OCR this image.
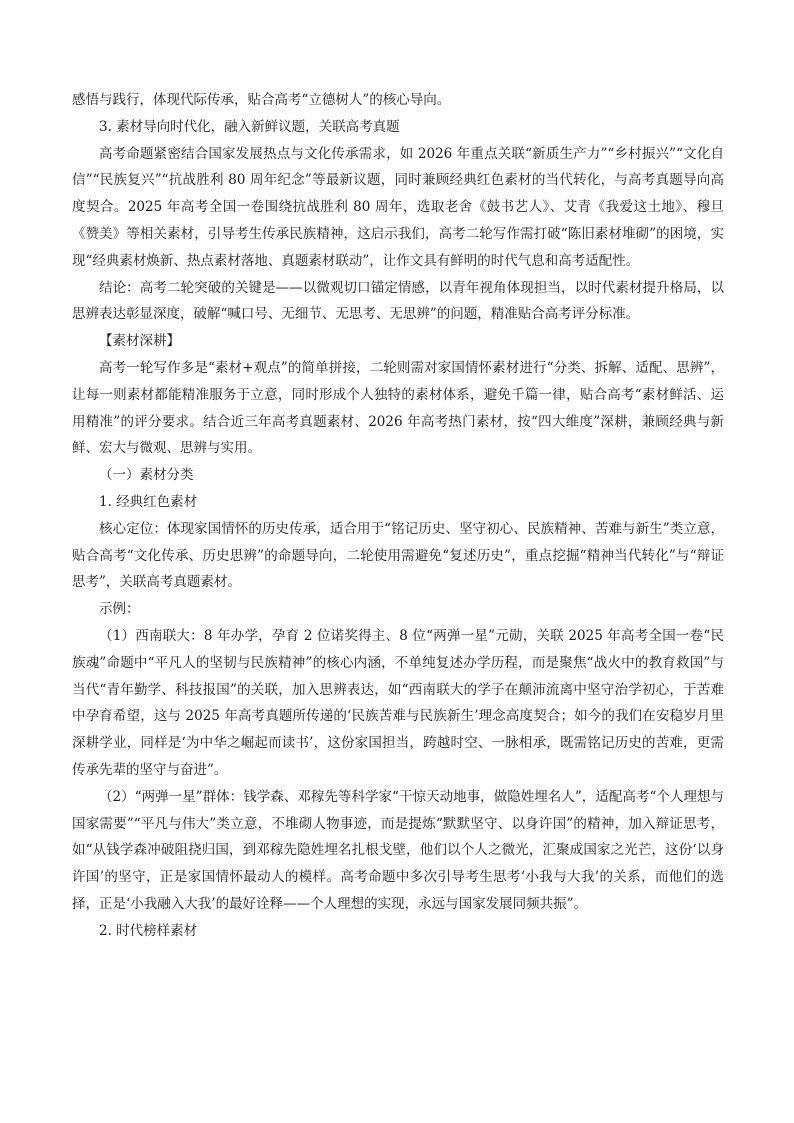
感悟与践行，体现代际传承，贴合高考“立德树人”的核心导向。

3. 素材导向时代化，融入新鲜议题，关联高考真题

高考命题紧密结合国家发展热点与文化传承需求，如 2026 年重点关联“新质生产力”“乡村振兴”“文化自信”“民族复兴”“抗战胜利 80 周年纪念”等最新议题，同时兼顾经典红色素材的当代转化，与高考真题导向高度契合。2025 年高考全国一卷围绕抗战胜利 80 周年，选取老舍《鼓书艺人》、艾青《我爱这土地》、穆旦《赞美》等相关素材，引导考生传承民族精神，这启示我们，高考二轮写作需打破“陈旧素材堆砌”的困境，实现“经典素材焕新、热点素材落地、真题素材联动”，让作文具有鲜明的时代气息和高考适配性。

结论：高考二轮突破的关键是——以微观切口锚定情感，以青年视角体现担当，以时代素材提升格局，以思辨表达彰显深度，破解“喊口号、无细节、无思考、无思辨”的问题，精准贴合高考评分标准。

【素材深耕】

高考一轮写作多是“素材+观点”的简单拼接，二轮则需对家国情怀素材进行“分类、拆解、适配、思辨”，让每一则素材都能精准服务于立意，同时形成个人独特的素材体系，避免千篇一律，贴合高考“素材鲜活、运用精准”的评分要求。结合近三年高考真题素材、2026 年高考热门素材，按“四大维度”深耕，兼顾经典与新鲜、宏大与微观、思辨与实用。

（一）素材分类

1. 经典红色素材

核心定位：体现家国情怀的历史传承，适合用于“铭记历史、坚守初心、民族精神、苦难与新生”类立意，贴合高考“文化传承、历史思辨”的命题导向，二轮使用需避免“复述历史”，重点挖掘“精神当代转化”与“辩证思考”，关联高考真题素材。

示例：

（1）西南联大：8 年办学，孕育 2 位诺奖得主、8 位“两弹一星”元勋，关联 2025 年高考全国一卷“民族魂”命题中“平凡人的坚韧与民族精神”的核心内涵，不单纯复述办学历程，而是聚焦“战火中的教育救国”与当代“青年勤学、科技报国”的关联，加入思辨表达，如“西南联大的学子在颠沛流离中坚守治学初心，于苦难中孕育希望，这与 2025 年高考真题所传递的‘民族苦难与民族新生’理念高度契合；如今的我们在安稳岁月里深耕学业，同样是‘为中华之崛起而读书’，这份家国担当，跨越时空、一脉相承，既需铭记历史的苦难，更需传承先辈的坚守与奋进”。

（2）“两弹一星”群体：钱学森、邓稼先等科学家“干惊天动地事，做隐姓埋名人”，适配高考“个人理想与国家需要”“平凡与伟大”类立意，不堆砌人物事迹，而是提炼“默默坚守、以身许国”的精神，加入辩证思考，如“从钱学森冲破阻挠归国，到邓稼先隐姓埋名扎根戈壁，他们以个人之微光，汇聚成国家之光芒，这份‘以身许国’的坚守，正是家国情怀最动人的模样。高考命题中多次引导考生思考‘小我与大我’的关系，而他们的选择，正是‘小我融入大我’的最好诠释——个人理想的实现，永远与国家发展同频共振”。

2. 时代榜样素材
